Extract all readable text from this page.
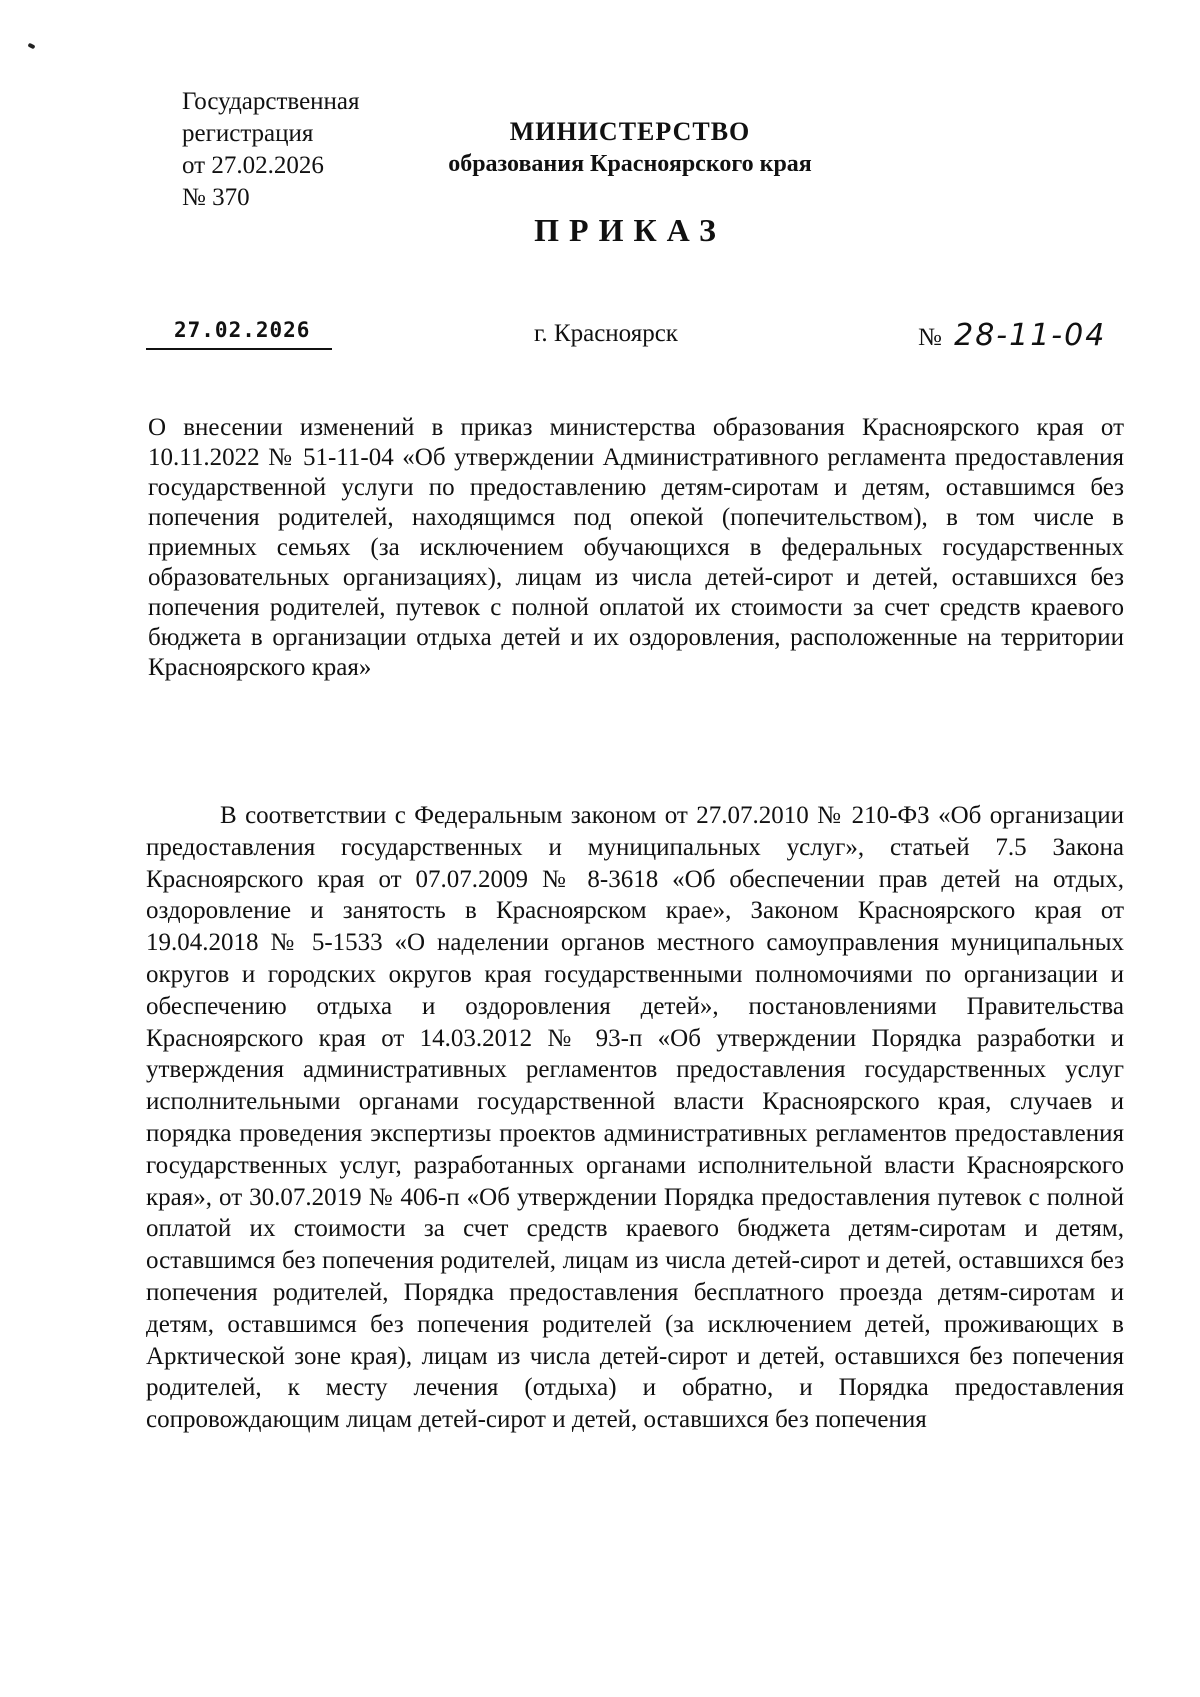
Государственная
регистрация
от 27.02.2026
№ 370
МИНИСТЕРСТВО
образования Красноярского края
ПРИКАЗ
27.02.2026	г. Красноярск	№ 28-11-04
О внесении изменений в приказ министерства образования Красноярского края от 10.11.2022 № 51-11-04 «Об утверждении Административного регламента предоставления государственной услуги по предоставлению детям-сиротам и детям, оставшимся без попечения родителей, находящимся под опекой (попечительством), в том числе в приемных семьях (за исключением обучающихся в федеральных государственных образовательных организациях), лицам из числа детей-сирот и детей, оставшихся без попечения родителей, путевок с полной оплатой их стоимости за счет средств краевого бюджета в организации отдыха детей и их оздоровления, расположенные на территории Красноярского края»
В соответствии с Федеральным законом от 27.07.2010 № 210-ФЗ «Об организации предоставления государственных и муниципальных услуг», статьей 7.5 Закона Красноярского края от 07.07.2009 № 8-3618 «Об обеспечении прав детей на отдых, оздоровление и занятость в Красноярском крае», Законом Красноярского края от 19.04.2018 № 5-1533 «О наделении органов местного самоуправления муниципальных округов и городских округов края государственными полномочиями по организации и обеспечению отдыха и оздоровления детей», постановлениями Правительства Красноярского края от 14.03.2012 № 93-п «Об утверждении Порядка разработки и утверждения административных регламентов предоставления государственных услуг исполнительными органами государственной власти Красноярского края, случаев и порядка проведения экспертизы проектов административных регламентов предоставления государственных услуг, разработанных органами исполнительной власти Красноярского края», от 30.07.2019 № 406-п «Об утверждении Порядка предоставления путевок с полной оплатой их стоимости за счет средств краевого бюджета детям-сиротам и детям, оставшимся без попечения родителей, лицам из числа детей-сирот и детей, оставшихся без попечения родителей, Порядка предоставления бесплатного проезда детям-сиротам и детям, оставшимся без попечения родителей (за исключением детей, проживающих в Арктической зоне края), лицам из числа детей-сирот и детей, оставшихся без попечения родителей, к месту лечения (отдыха) и обратно, и Порядка предоставления сопровождающим лицам детей-сирот и детей, оставшихся без попечения
